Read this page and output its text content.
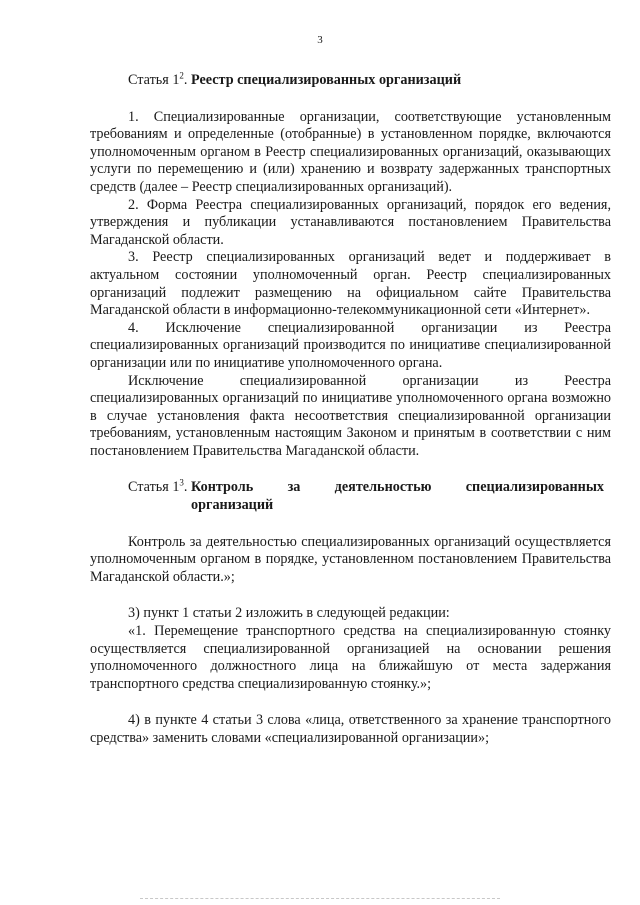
3
Статья $1^2$. Реестр специализированных организаций

1. Специализированные организации, соответствующие установленным требованиям и определенные (отобранные) в установленном порядке, включаются уполномоченным органом в Реестр специализированных организаций, оказывающих услуги по перемещению и (или) хранению и возврату задержанных транспортных средств (далее – Реестр специализированных организаций).

2. Форма Реестра специализированных организаций, порядок его ведения, утверждения и публикации устанавливаются постановлением Правительства Магаданской области.

3. Реестр специализированных организаций ведет и поддерживает в актуальном состоянии уполномоченный орган. Реестр специализированных организаций подлежит размещению на официальном сайте Правительства Магаданской области в информационно-телекоммуникационной сети «Интернет».

4. Исключение специализированной организации из Реестра специализированных организаций производится по инициативе специализированной организации или по инициативе уполномоченного органа.

Исключение специализированной организации из Реестра специализированных организаций по инициативе уполномоченного органа возможно в случае установления факта несоответствия специализированной организации требованиям, установленным настоящим Законом и принятым в соответствии с ним постановлением Правительства Магаданской области.

Статья $1^3$. Контроль за деятельностью специализированных
организаций

Контроль за деятельностью специализированных организаций осуществляется уполномоченным органом в порядке, установленном постановлением Правительства Магаданской области.»;

3) пункт 1 статьи 2 изложить в следующей редакции:

«1. Перемещение транспортного средства на специализированную стоянку осуществляется специализированной организацией на основании решения уполномоченного должностного лица на ближайшую от места задержания транспортного средства специализированную стоянку.»;

4) в пункте 4 статьи 3 слова «лица, ответственного за хранение транспортного средства» заменить словами «специализированной организации»;
